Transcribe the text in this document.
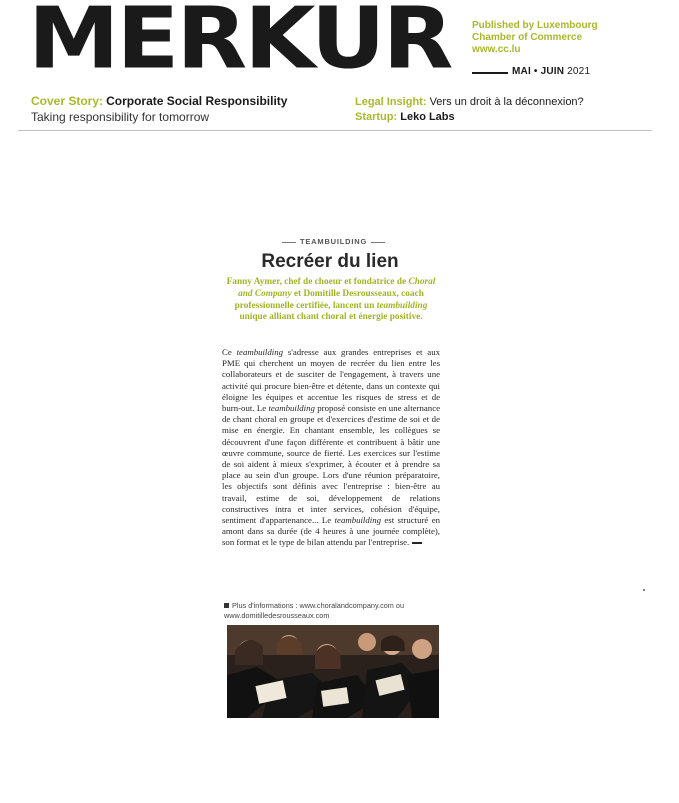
MERKUR	Published by Luxembourg
Chamber of Commerce
www.cc.lu
MAI • JUIN 2021
Cover Story: Corporate Social Responsibility
Taking responsibility for tomorrow
Legal Insight: Vers un droit à la déconnexion?
Startup: Leko Labs
TEAMBUILDING
Recréer du lien
Fanny Aymer, chef de choeur et fondatrice de Choral and Company et Domitille Desrousseaux, coach professionnelle certifiée, lancent un teambuilding unique alliant chant choral et énergie positive.
Ce teambuilding s'adresse aux grandes entreprises et aux PME qui cherchent un moyen de recréer du lien entre les collaborateurs et de susciter de l'engagement, à travers une activité qui procure bien-être et détente, dans un contexte qui éloigne les équipes et accentue les risques de stress et de burn-out. Le teambuilding proposé consiste en une alternance de chant choral en groupe et d'exercices d'estime de soi et de mise en énergie. En chantant ensemble, les collègues se découvrent d'une façon différente et contribuent à bâtir une œuvre commune, source de fierté. Les exercices sur l'estime de soi aident à mieux s'exprimer, à écouter et à prendre sa place au sein d'un groupe. Lors d'une réunion préparatoire, les objectifs sont définis avec l'entreprise : bien-être au travail, estime de soi, développement de relations constructives intra et inter services, cohésion d'équipe, sentiment d'appartenance... Le teambuilding est structuré en amont dans sa durée (de 4 heures à une journée complète), son format et le type de bilan attendu par l'entreprise.
Plus d'informations : www.choralandcompany.com ou www.domitilledesrousseaux.com
